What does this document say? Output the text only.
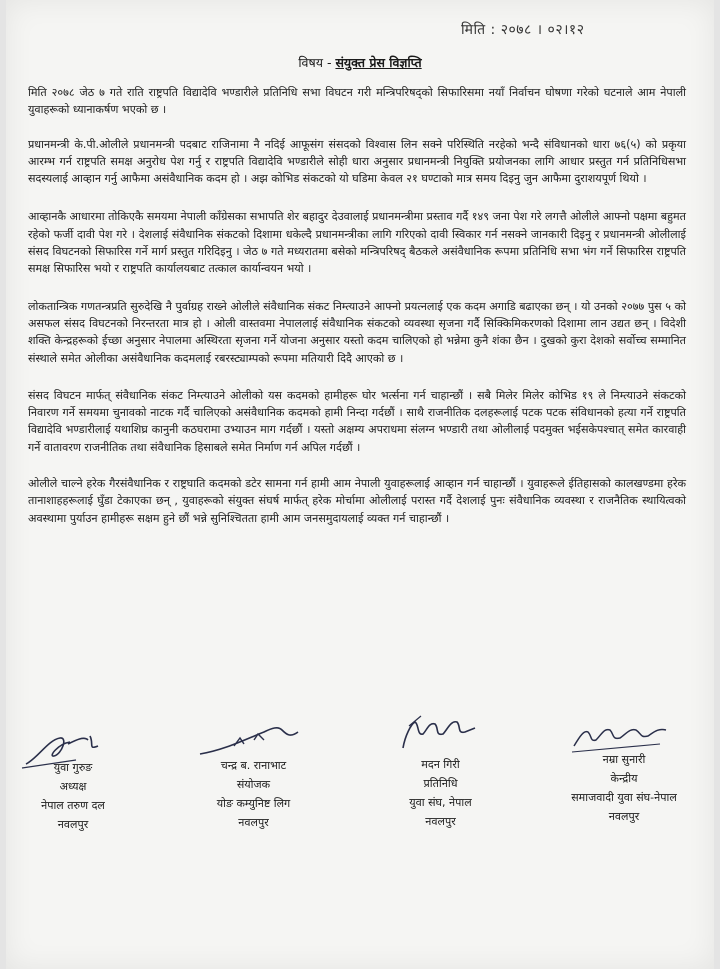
मिति : २०७८ । ०२।१२
विषय - संयुक्त प्रेस विज्ञप्ति

मिति २०७८ जेठ ७ गते राति राष्ट्रपति विद्यादेवि भण्डारीले प्रतिनिधि सभा विघटन गरी मन्त्रिपरिषद्को सिफारिसमा नयाँ निर्वाचन घोषणा गरेको घटनाले आम नेपाली युवाहरूको ध्यानाकर्षण भएको छ ।

प्रधानमन्त्री के.पी.ओलीले प्रधानमन्त्री पदबाट राजिनामा नै नदिई आफूसंग संसदको विश्वास लिन सक्ने परिस्थिति नरहेको भन्दै संविधानको धारा ७६(५) को प्रकृया आरम्भ गर्न राष्ट्रपति समक्ष अनुरोध पेश गर्नु र राष्ट्रपति विद्यादेवि भण्डारीले सोही धारा अनुसार प्रधानमन्त्री नियुक्ति प्रयोजनका लागि आधार प्रस्तुत गर्न प्रतिनिधिसभा सदस्यलाई आव्हान गर्नु आफैमा असंवैधानिक कदम हो । अझ कोभिड संकटको यो घडिमा केवल २१ घण्टाको मात्र समय दिइनु जुन आफैमा दुराशयपूर्ण थियो ।

आव्हानकै आधारमा तोकिएकै समयमा नेपाली काँग्रेसका सभापति शेर बहादुर देउवालाई प्रधानमन्त्रीमा प्रस्ताव गर्दै १४९ जना पेश गरे लगत्तै ओलीले आफ्नो पक्षमा बहुमत रहेको फर्जी दावी पेश गरे । देशलाई संवैधानिक संकटको दिशामा धकेल्दै प्रधानमन्त्रीका लागि गरिएको दावी स्विकार गर्न नसक्ने जानकारी दिइनु र प्रधानमन्त्री ओलीलाई संसद विघटनको सिफारिस गर्ने मार्ग प्रस्तुत गरिदिइनु । जेठ ७ गते मध्यरातमा बसेको मन्त्रिपरिषद् बैठकले असंवैधानिक रूपमा प्रतिनिधि सभा भंग गर्ने सिफारिस राष्ट्रपति समक्ष सिफारिस भयो र राष्ट्रपति कार्यालयबाट तत्काल कार्यान्वयन भयो ।

लोकतान्त्रिक गणतन्त्रप्रति सुरुदेखि नै पुर्वाग्रह राख्ने ओलीले संवैधानिक संकट निम्त्याउने आफ्नो प्रयत्नलाई एक कदम अगाडि बढाएका छन् । यो उनको २०७७ पुस ५ को असफल संसद विघटनको निरन्तरता मात्र हो । ओली वास्तवमा नेपाललाई संवैधानिक संकटको व्यवस्था सृजना गर्दै सिक्किमिकरणको दिशामा लान उद्यत छन् । विदेशी शक्ति केन्द्रहरूको ईच्छा अनुसार नेपालमा अस्थिरता सृजना गर्ने योजना अनुसार यस्तो कदम चालिएको हो भन्नेमा कुनै शंका छैन । दुखको कुरा देशको सर्वोच्च सम्मानित संस्थाले समेत ओलीका असंवैधानिक कदमलाई रबरस्ट्याम्पको रूपमा मतियारी दिदै आएको छ ।

संसद विघटन मार्फत् संवैधानिक संकट निम्त्याउने ओलीको यस कदमको हामीहरू घोर भर्त्सना गर्न चाहान्छौं । सबै मिलेर मिलेर कोभिड १९ ले निम्त्याउने संकटको निवारण गर्ने समयमा चुनावको नाटक गर्दै चालिएको असंवैधानिक कदमको हामी निन्दा गर्दछौं । साथै राजनीतिक दलहरूलाई पटक पटक संविधानको हत्या गर्ने राष्ट्रपति विद्यादेवि भण्डारीलाई यथाशिघ्र कानुनी कठघरामा उभ्याउन माग गर्दछौं । यस्तो अक्षम्य अपराधमा संलग्न भण्डारी तथा ओलीलाई पदमुक्त भईसकेपश्चात् समेत कारवाही गर्ने वातावरण राजनीतिक तथा संवैधानिक हिसाबले समेत निर्माण गर्न अपिल गर्दछौं ।

ओलीले चाल्ने हरेक गैरसंवैधानिक र राष्ट्रघाति कदमको डटेर सामना गर्न हामी आम नेपाली युवाहरूलाई आव्हान गर्न चाहान्छौं । युवाहरूले ईतिहासको कालखण्डमा हरेक तानाशाहहरूलाई घुँडा टेकाएका छन् , युवाहरूको संयुक्त संघर्ष मार्फत् हरेक मोर्चामा ओलीलाई परास्त गर्दै देशलाई पुनः संवैधानिक व्यवस्था र राजनैतिक स्थायित्वको अवस्थामा पुर्याउन हामीहरू सक्षम हुने छौं भन्ने सुनिश्चितता हामी आम जनसमुदायलाई व्यक्त गर्न चाहान्छौं ।

युवा गुरुङ
अध्यक्ष
नेपाल तरुण दल
नवलपुर
चन्द्र ब. रानाभाट
संयोजक
योङ कम्युनिष्ट लिग
नवलपुर
मदन गिरी
प्रतिनिधि
युवा संघ, नेपाल
नवलपुर
नम्रा सुनारी
केन्द्रीय
समाजवादी युवा संघ-नेपाल
नवलपुर
